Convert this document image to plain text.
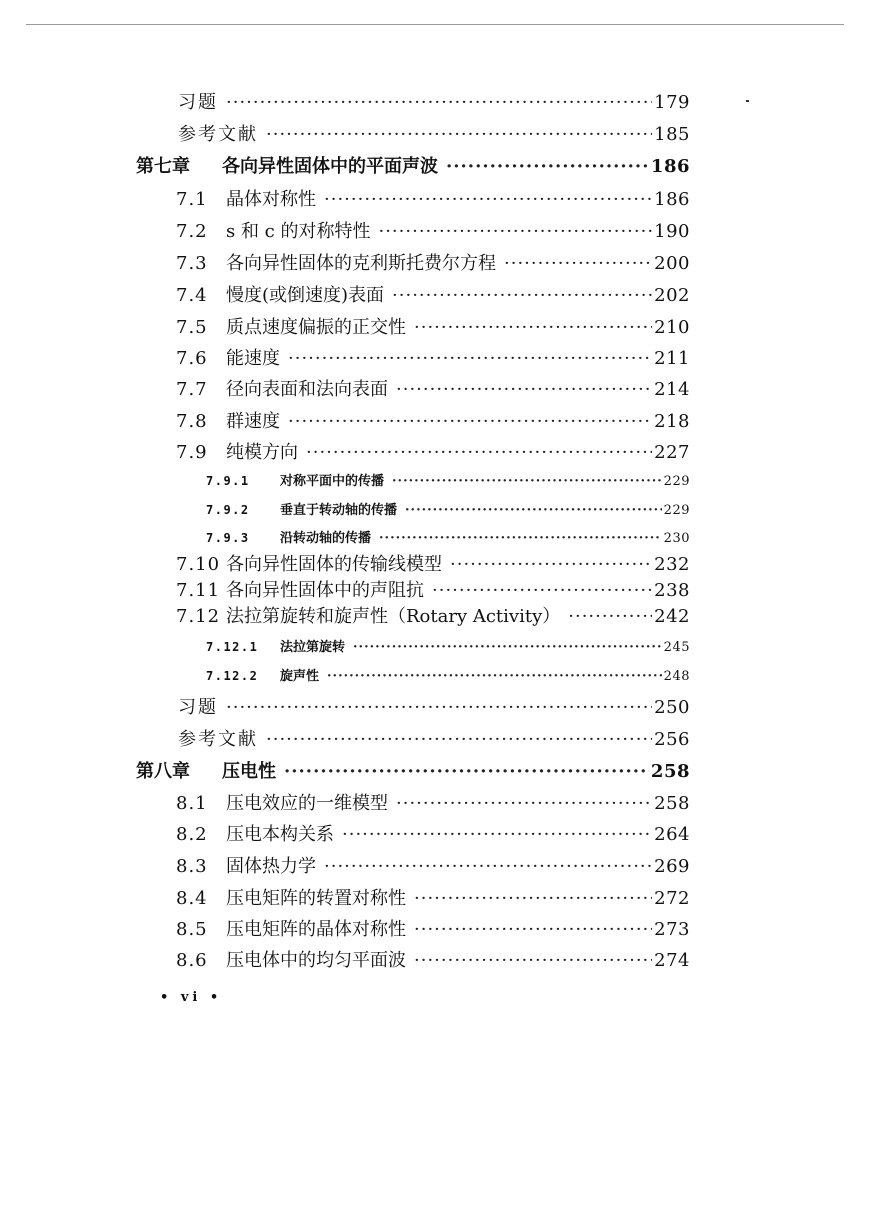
习题 ·····	179
参考文献 ·····	185
第七章	各向异性固体中的平面声波 ·····	186
7.1	晶体对称性 ·····	186
7.2	s 和 c 的对称特性 ·····	190
7.3	各向异性固体的克利斯托费尔方程 ·····	200
7.4	慢度(或倒速度)表面 ·····	202
7.5	质点速度偏振的正交性 ·····	210
7.6	能速度 ·····	211
7.7	径向表面和法向表面 ·····	214
7.8	群速度 ·····	218
7.9	纯模方向 ·····	227
7.9.1	对称平面中的传播 ·····	229
7.9.2	垂直于转动轴的传播 ·····	229
7.9.3	沿转动轴的传播 ·····	230
7.10 各向异性固体的传输线模型 ·····	232
7.11 各向异性固体中的声阻抗 ·····	238
7.12 法拉第旋转和旋声性（Rotary Activity） ·····	242
7.12.1	法拉第旋转 ·····	245
7.12.2	旋声性 ·····	248
习题 ·····	250
参考文献 ·····	256
第八章	压电性 ·····	258
8.1	压电效应的一维模型 ·····	258
8.2	压电本构关系 ·····	264
8.3	固体热力学 ·····	269
8.4	压电矩阵的转置对称性 ·····	272
8.5	压电矩阵的晶体对称性 ·····	273
8.6	压电体中的均匀平面波 ·····	274
• vi •
